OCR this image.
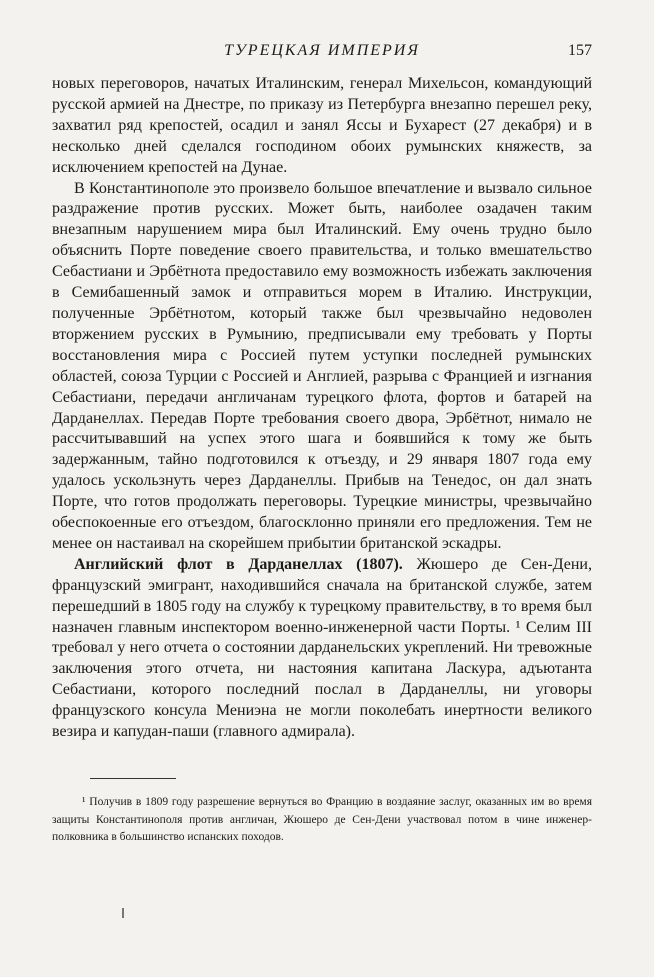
ТУРЕЦКАЯ ИМПЕРИЯ	157

новых переговоров, начатых Италинским, генерал Михельсон, командующий русской армией на Днестре, по приказу из Петербурга внезапно перешел реку, захватил ряд крепостей, осадил и занял Яссы и Бухарест (27 декабря) и в несколько дней сделался господином обоих румынских княжеств, за исключением крепостей на Дунае.

В Константинополе это произвело большое впечатление и вызвало сильное раздражение против русских. Может быть, наиболее озадачен таким внезапным нарушением мира был Италинский. Ему очень трудно было объяснить Порте поведение своего правительства, и только вмешательство Себастиани и Эрбётнота предоставило ему возможность избежать заключения в Семибашенный замок и отправиться морем в Италию. Инструкции, полученные Эрбётнотом, который также был чрезвычайно недоволен вторжением русских в Румынию, предписывали ему требовать у Порты восстановления мира с Россией путем уступки последней румынских областей, союза Турции с Россией и Англией, разрыва с Францией и изгнания Себастиани, передачи англичанам турецкого флота, фортов и батарей на Дарданеллах. Передав Порте требования своего двора, Эрбётнот, нимало не рассчитывавший на успех этого шага и боявшийся к тому же быть задержанным, тайно подготовился к отъезду, и 29 января 1807 года ему удалось ускользнуть через Дарданеллы. Прибыв на Тенедос, он дал знать Порте, что готов продолжать переговоры. Турецкие министры, чрезвычайно обеспокоенные его отъездом, благосклонно приняли его предложения. Тем не менее он настаивал на скорейшем прибытии британской эскадры.

Английский флот в Дарданеллах (1807). Жюшеро де Сен-Дени, французский эмигрант, находившийся сначала на британской службе, затем перешедший в 1805 году на службу к турецкому правительству, в то время был назначен главным инспектором военно-инженерной части Порты. ¹ Селим III требовал у него отчета о состоянии дарданельских укреплений. Ни тревожные заключения этого отчета, ни настояния капитана Ласкура, адъютанта Себастиани, которого последний послал в Дарданеллы, ни уговоры французского консула Мениэна не могли поколебать инертности великого везира и капудан-паши (главного адмирала).

¹ Получив в 1809 году разрешение вернуться во Францию в воздаяние заслуг, оказанных им во время защиты Константинополя против англичан, Жюшеро де Сен-Дени участвовал потом в чине инженер-полковника в большинство испанских походов.
